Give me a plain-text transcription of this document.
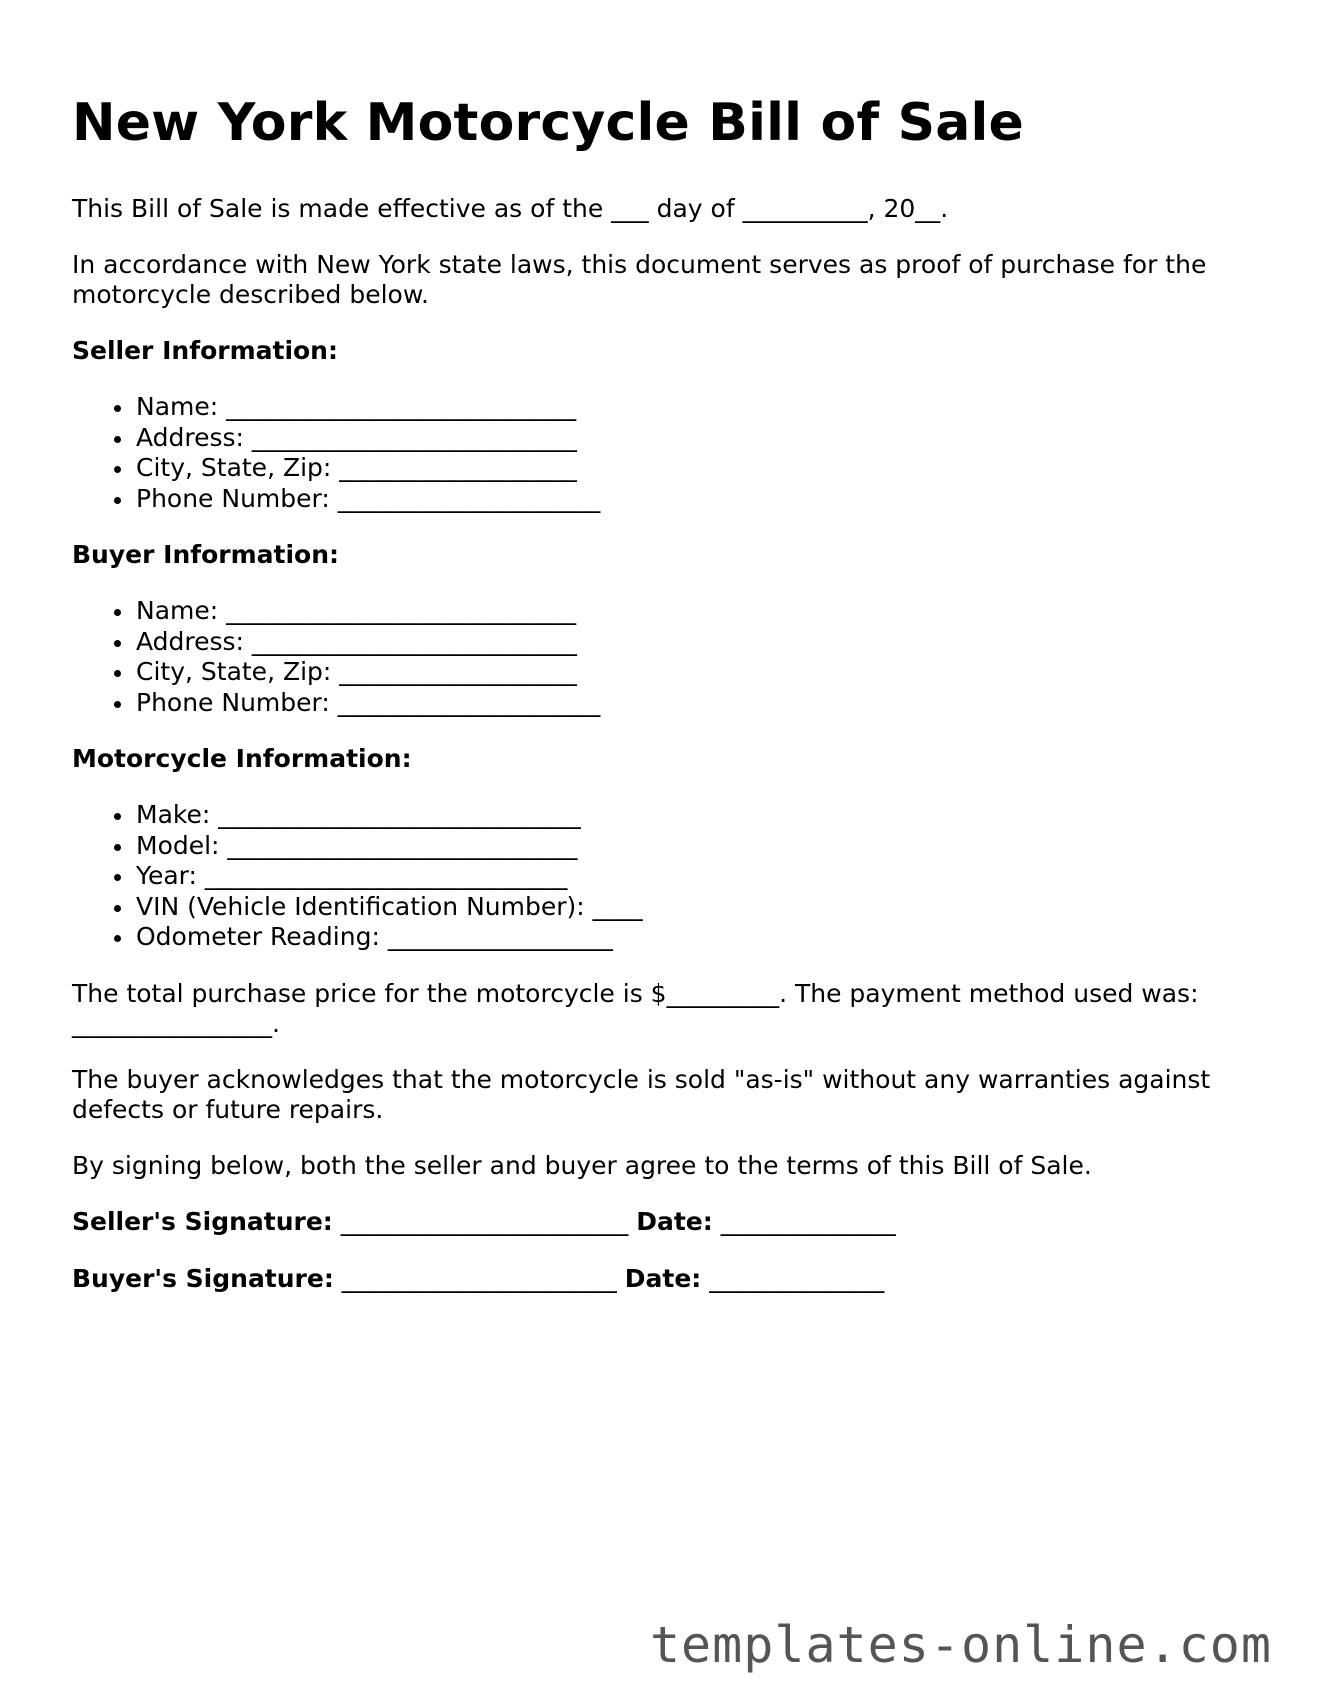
New York Motorcycle Bill of Sale

This Bill of Sale is made effective as of the ___ day of __________, 20__.

In accordance with New York state laws, this document serves as proof of purchase for the motorcycle described below.

Seller Information:
Name: ____________________________
Address: __________________________
City, State, Zip: ___________________
Phone Number: _____________________
Buyer Information:
Name: ____________________________
Address: __________________________
City, State, Zip: ___________________
Phone Number: _____________________
Motorcycle Information:
Make: _____________________________
Model: ____________________________
Year: _____________________________
VIN (Vehicle Identification Number): ____
Odometer Reading: __________________

The total purchase price for the motorcycle is $_________. The payment method used was: ________________.

The buyer acknowledges that the motorcycle is sold "as-is" without any warranties against defects or future repairs.

By signing below, both the seller and buyer agree to the terms of this Bill of Sale.

Seller's Signature: _______________________ Date: ______________
Buyer's Signature: ______________________ Date: ______________
templates-online.com
